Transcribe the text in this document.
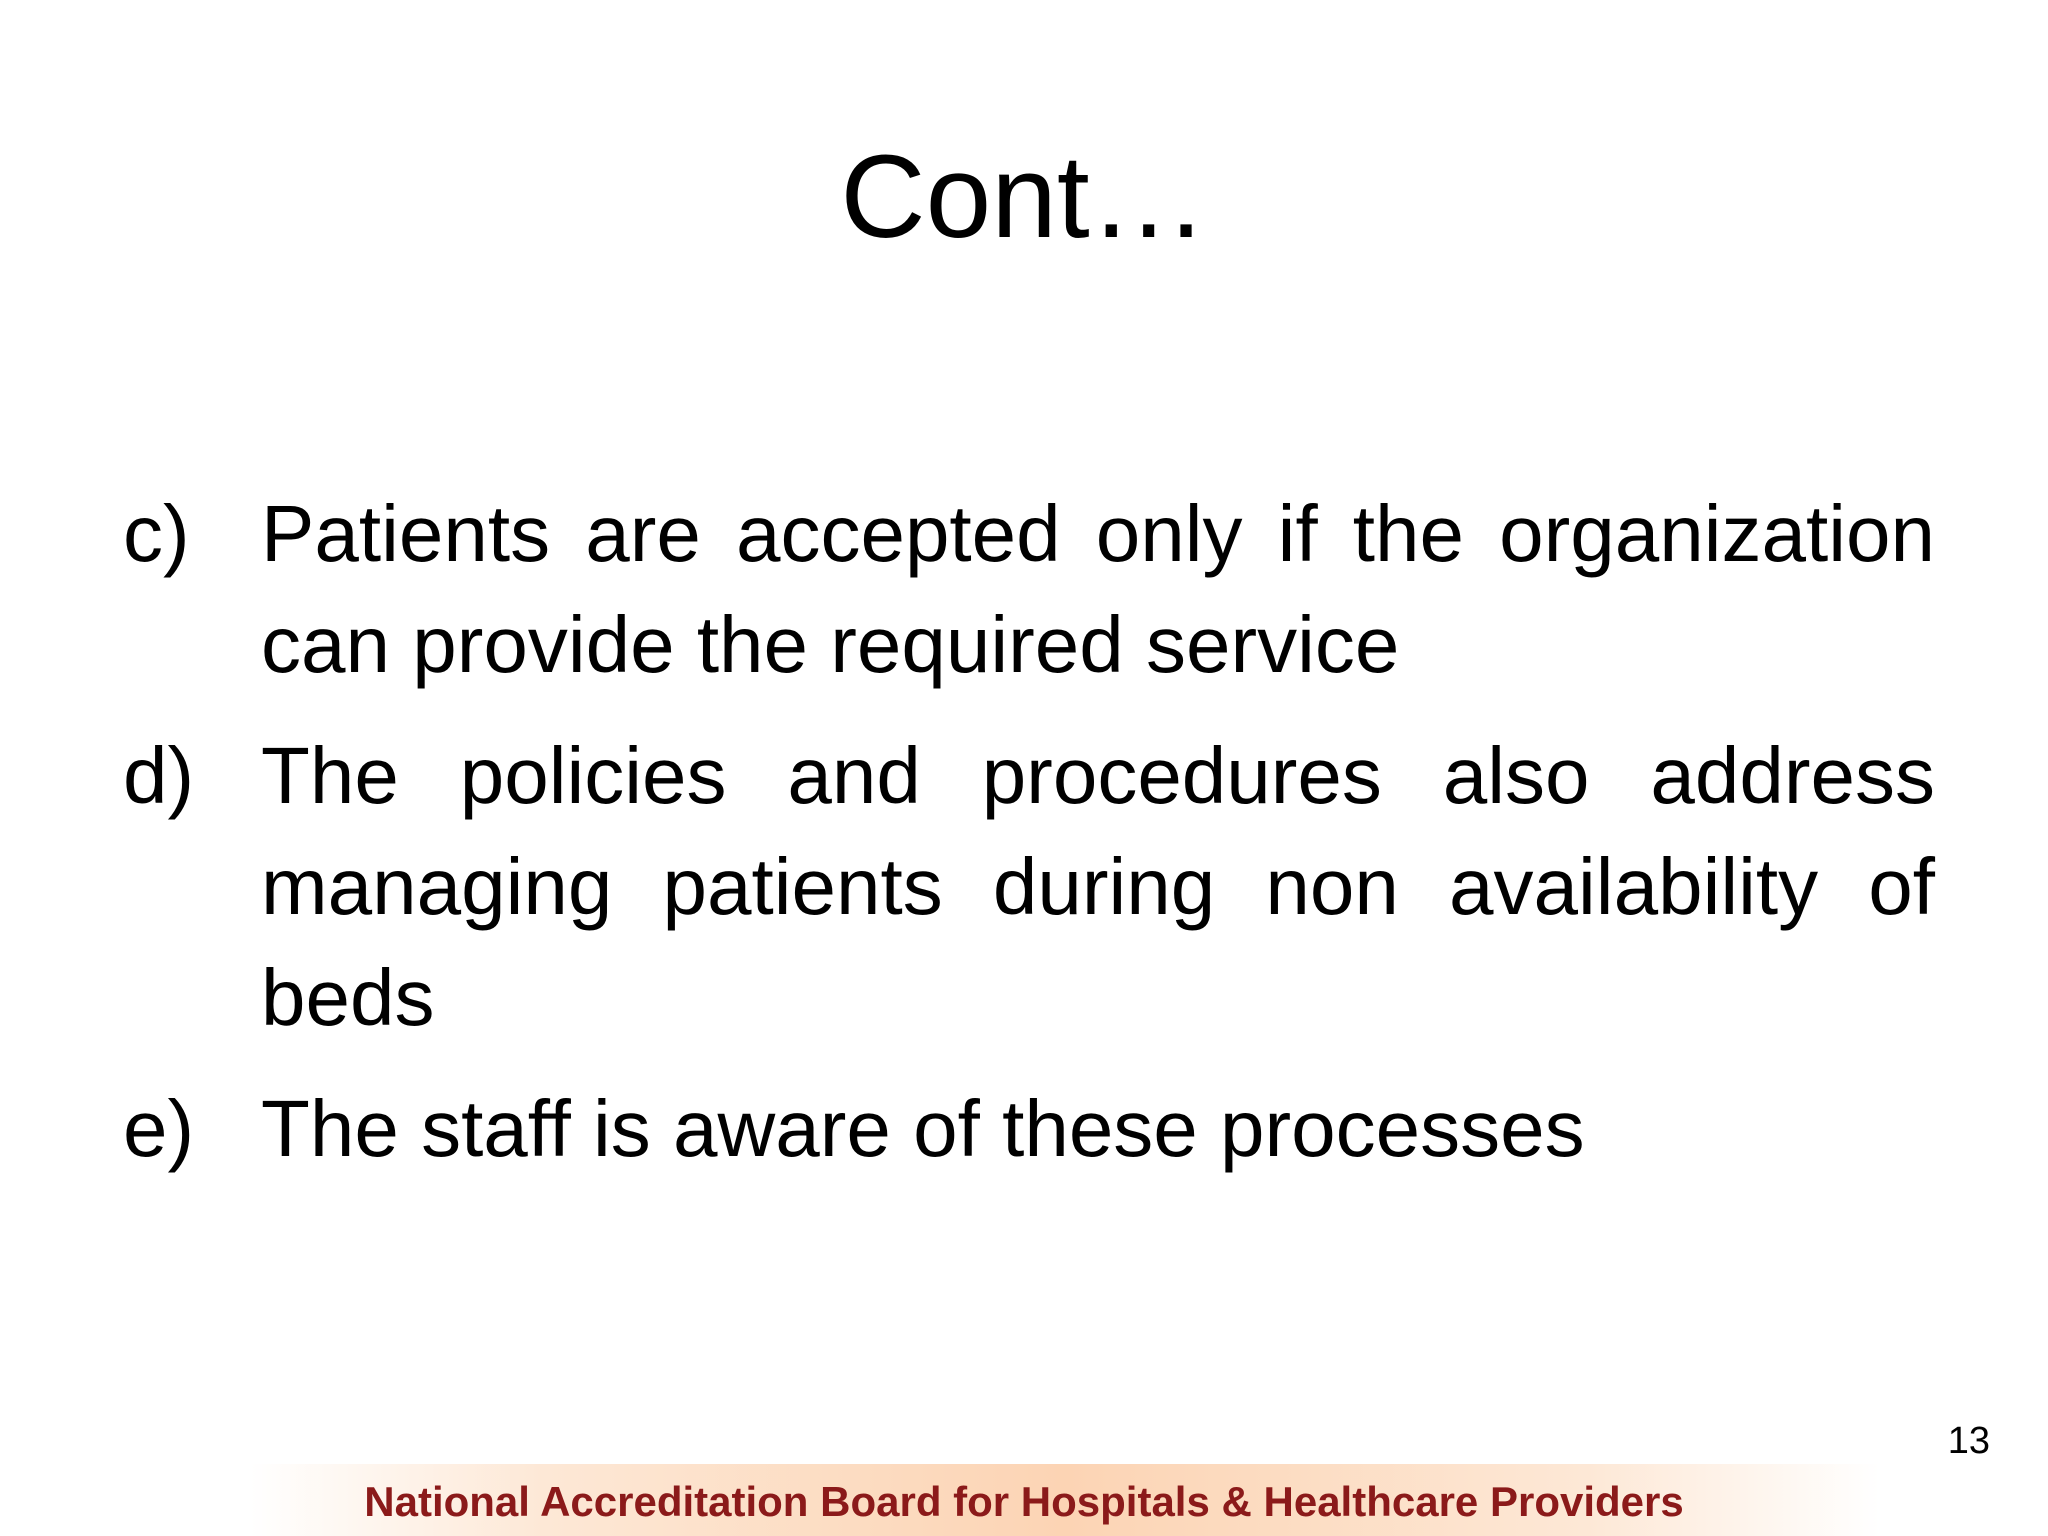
Cont…
c) Patients are accepted only if the organization can provide the required service
d) The policies and procedures also address managing patients during non availability of beds
e) The staff is aware of these processes
13
National Accreditation Board for Hospitals & Healthcare Providers
